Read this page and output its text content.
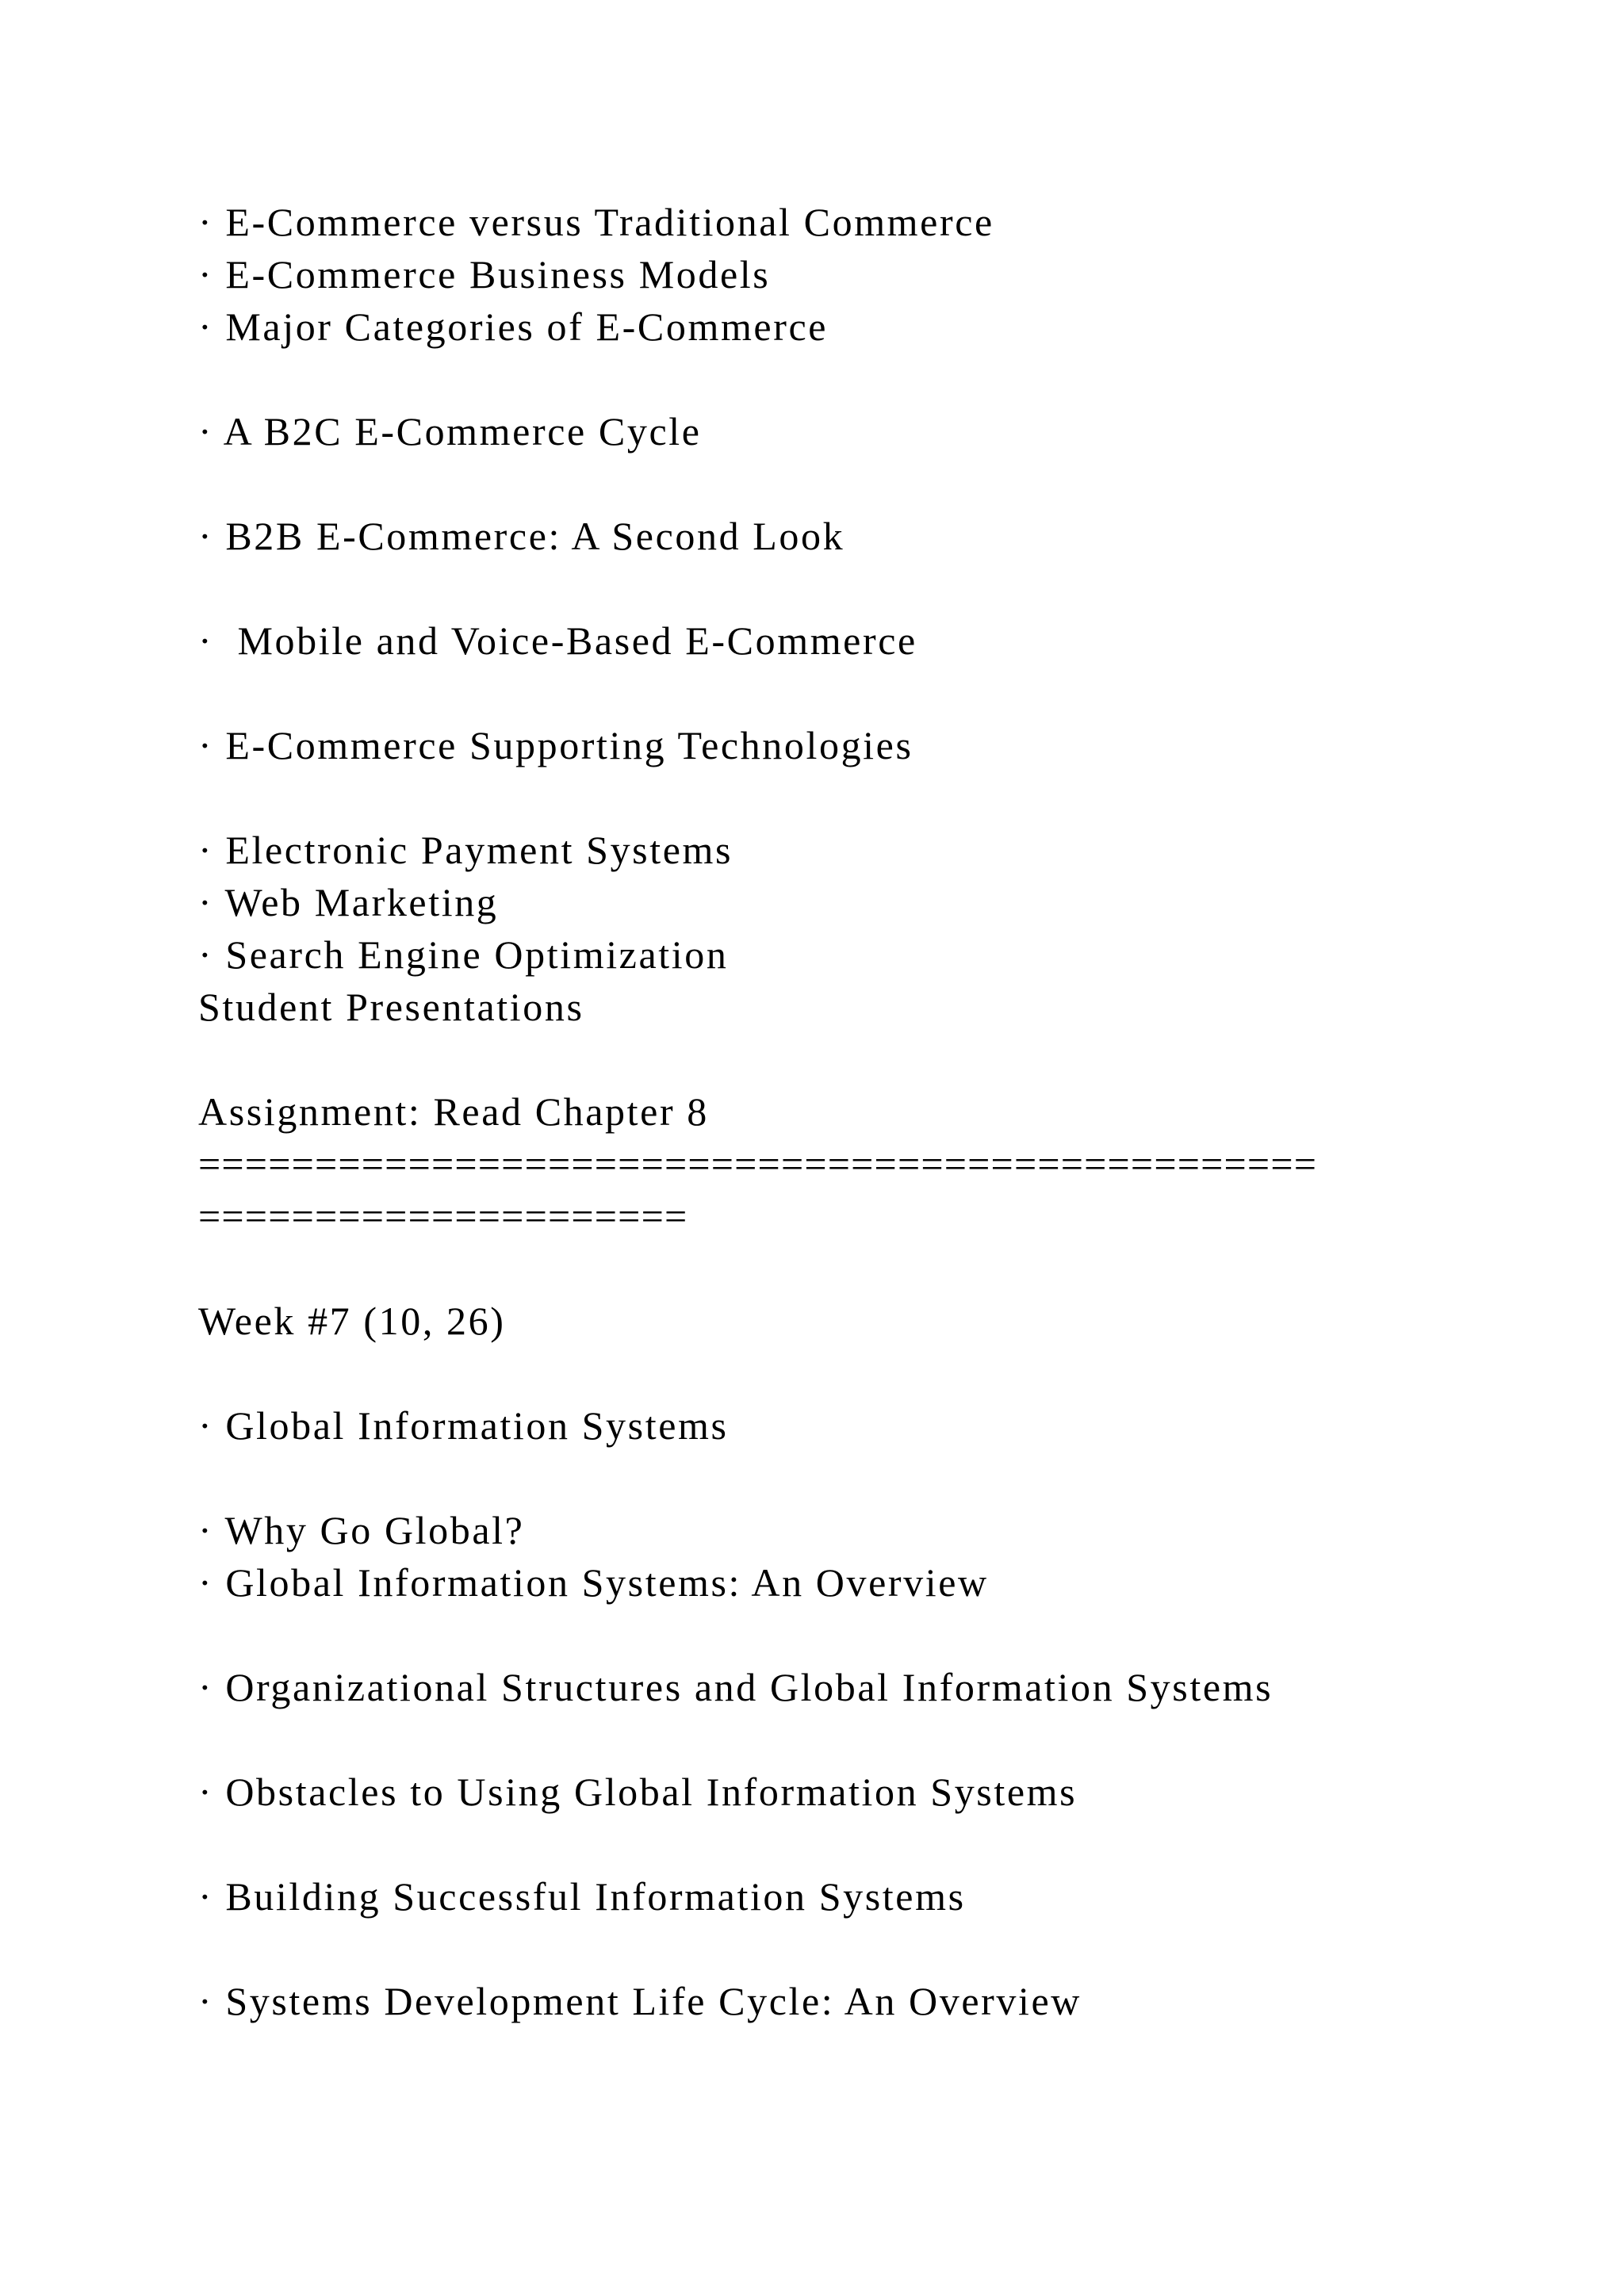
· E-Commerce versus Traditional Commerce

· E-Commerce Business Models

· Major Categories of E-Commerce

· A B2C E-Commerce Cycle

· B2B E-Commerce: A Second Look

·  Mobile and Voice-Based E-Commerce

· E-Commerce Supporting Technologies

· Electronic Payment Systems

· Web Marketing

· Search Engine Optimization

Student Presentations

Assignment: Read Chapter 8

================================================

=====================

Week #7 (10, 26)

· Global Information Systems

· Why Go Global?

· Global Information Systems: An Overview

· Organizational Structures and Global Information Systems

· Obstacles to Using Global Information Systems

· Building Successful Information Systems

· Systems Development Life Cycle: An Overview
